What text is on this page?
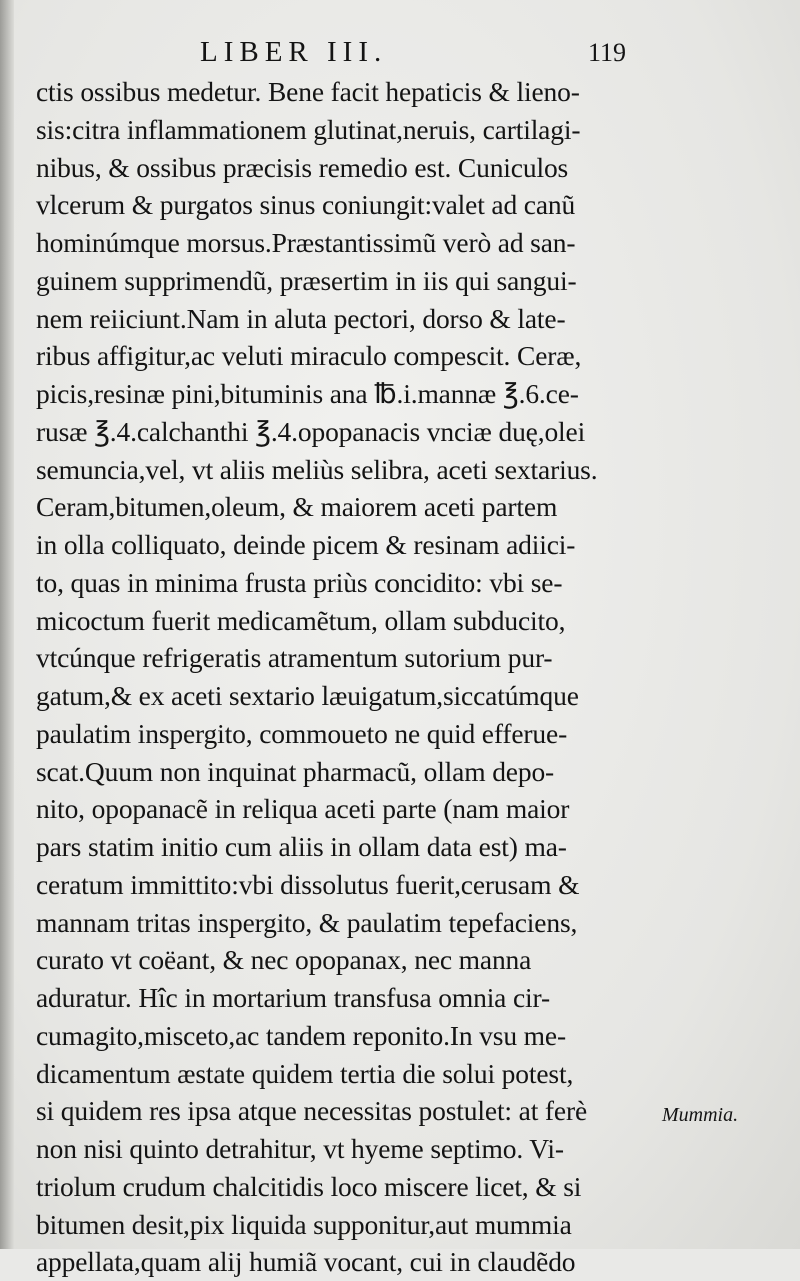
LIBER III.	119
ctis ossibus medetur. Bene facit hepaticis & lieno-
sis:citra inflammationem glutinat,neruis, cartilagi-
nibus, & ossibus præcisis remedio est. Cuniculos
vlcerum & purgatos sinus coniungit:valet ad canũ
hominúmque morsus.Præstantissimũ verò ad san-
guinem supprimendũ, præsertim in iis qui sangui-
nem reiiciunt.Nam in aluta pectori, dorso & late-
ribus affigitur,ac veluti miraculo compescit. Ceræ,
picis,resinæ pini,bituminis ana ℔.i.mannæ ℥.6.ce-
rusæ ℥.4.calchanthi ℥.4.opopanacis vnciæ duę,olei
semuncia,vel, vt aliis meliùs selibra, aceti sextarius.
Ceram,bitumen,oleum, & maiorem aceti partem
in olla colliquato, deinde picem & resinam adiici-
to, quas in minima frusta priùs concidito: vbi se-
micoctum fuerit medicamẽtum, ollam subducito,
vtcúnque refrigeratis atramentum sutorium pur-
gatum,& ex aceti sextario læuigatum,siccatúmque
paulatim inspergito, commoueto ne quid efferue-
scat.Quum non inquinat pharmacũ, ollam depo-
nito, opopanacẽ in reliqua aceti parte (nam maior
pars statim initio cum aliis in ollam data est) ma-
ceratum immittito:vbi dissolutus fuerit,cerusam &
mannam tritas inspergito, & paulatim tepefaciens,
curato vt coëant, & nec opopanax, nec manna
aduratur. Hîc in mortarium transfusa omnia cir-
cumagito,misceto,ac tandem reponito.In vsu me-
dicamentum æstate quidem tertia die solui potest,
si quidem res ipsa atque necessitas postulet: at ferè
non nisi quinto detrahitur, vt hyeme septimo. Vi-
triolum crudum chalcitidis loco miscere licet, & si
bitumen desit,pix liquida supponitur,aut mummia
appellata,quam alij humiã vocant, cui in claudẽdo
Mummia.
